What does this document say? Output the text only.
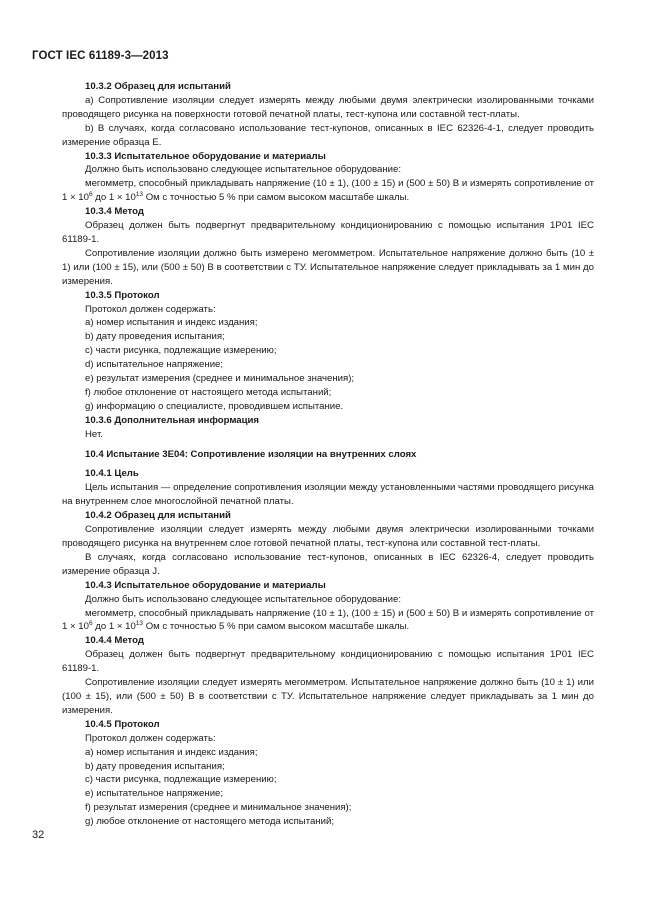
ГОСТ IEC 61189-3—2013

10.3.2 Образец для испытаний

а) Сопротивление изоляции следует измерять между любыми двумя электрически изолированными точками проводящего рисунка на поверхности готовой печатной платы, тест-купона или составной тест-платы.

b) В случаях, когда согласовано использование тест-купонов, описанных в IEC 62326-4-1, следует проводить измерение образца Е.

10.3.3 Испытательное оборудование и материалы

Должно быть использовано следующее испытательное оборудование:

мегомметр, способный прикладывать напряжение (10 ± 1), (100 ± 15) и (500 ± 50) В и измерять сопротивление от $1 \times 10^6$ до $1 \times 10^{13}$ Ом с точностью 5 % при самом высоком масштабе шкалы.

10.3.4 Метод

Образец должен быть подвергнут предварительному кондиционированию с помощью испытания 1P01 IEC 61189-1.

Сопротивление изоляции должно быть измерено мегомметром. Испытательное напряжение должно быть (10 ± 1) или (100 ± 15), или (500 ± 50) В в соответствии с ТУ. Испытательное напряжение следует прикладывать за 1 мин до измерения.

10.3.5 Протокол

Протокол должен содержать:

а) номер испытания и индекс издания;

b) дату проведения испытания;

с) части рисунка, подлежащие измерению;

d) испытательное напряжение;

е) результат измерения (среднее и минимальное значения);

f) любое отклонение от настоящего метода испытаний;

g) информацию о специалисте, проводившем испытание.

10.3.6 Дополнительная информация

Нет.

10.4 Испытание 3Е04: Сопротивление изоляции на внутренних слоях

10.4.1 Цель

Цель испытания — определение сопротивления изоляции между установленными частями проводящего рисунка на внутреннем слое многослойной печатной платы.

10.4.2 Образец для испытаний

Сопротивление изоляции следует измерять между любыми двумя электрически изолированными точками проводящего рисунка на внутреннем слое готовой печатной платы, тест-купона или составной тест-платы.

В случаях, когда согласовано использование тест-купонов, описанных в IEC 62326-4, следует проводить измерение образца J.

10.4.3 Испытательное оборудование и материалы

Должно быть использовано следующее испытательное оборудование:

мегомметр, способный прикладывать напряжение (10 ± 1), (100 ± 15) и (500 ± 50) В и измерять сопротивление от $1 \times 10^6$ до $1 \times 10^{13}$ Ом с точностью 5 % при самом высоком масштабе шкалы.

10.4.4 Метод

Образец должен быть подвергнут предварительному кондиционированию с помощью испытания 1P01 IEC 61189-1.

Сопротивление изоляции следует измерять мегомметром. Испытательное напряжение должно быть (10 ± 1) или (100 ± 15), или (500 ± 50) В в соответствии с ТУ. Испытательное напряжение следует прикладывать за 1 мин до измерения.

10.4.5 Протокол

Протокол должен содержать:

а) номер испытания и индекс издания;

b) дату проведения испытания;

с) части рисунка, подлежащие измерению;

е) испытательное напряжение;

f) результат измерения (среднее и минимальное значения);

g) любое отклонение от настоящего метода испытаний;

32
